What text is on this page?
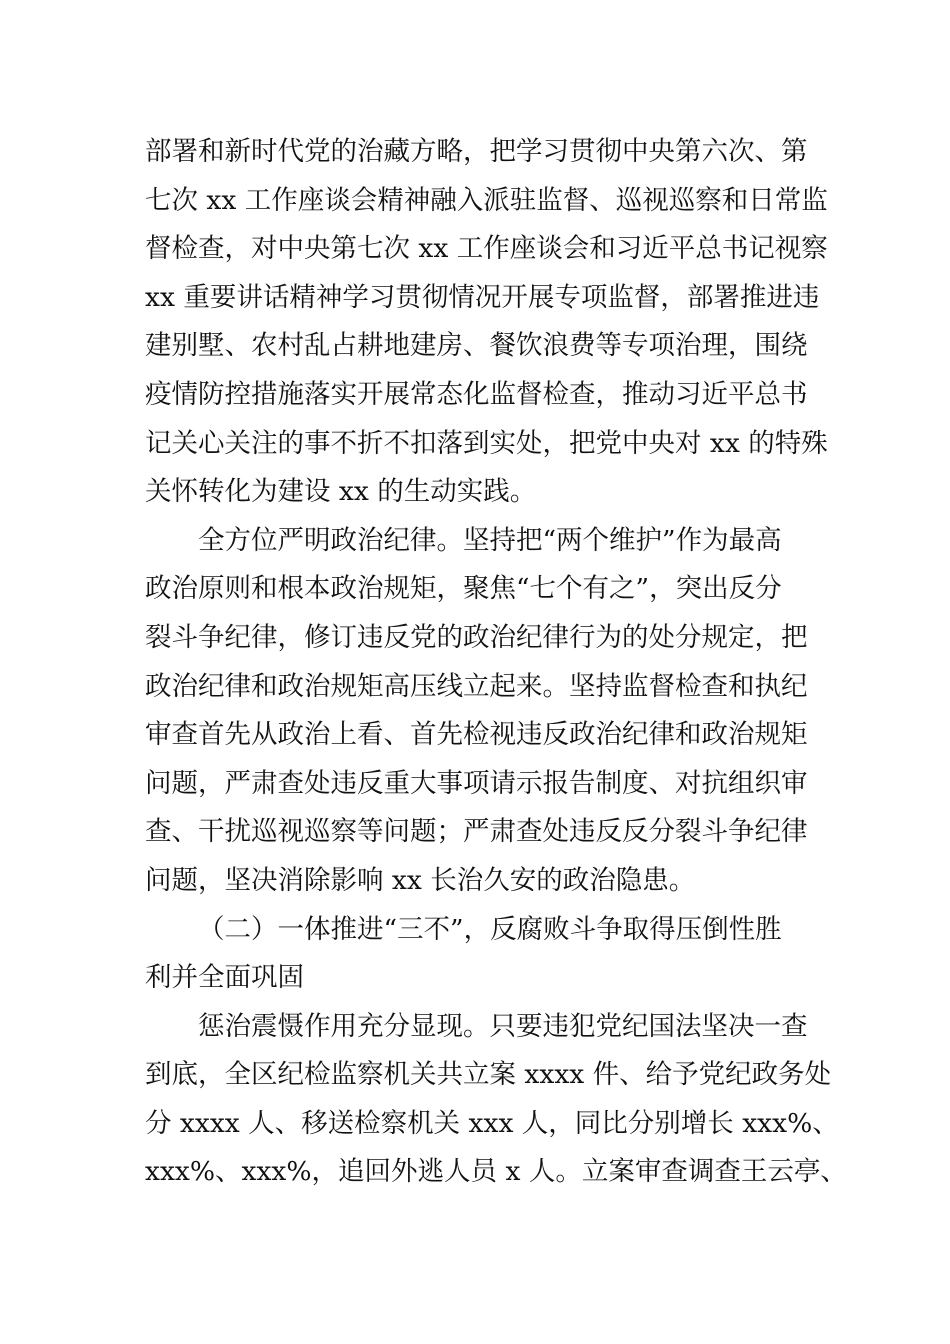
部署和新时代党的治藏方略，把学习贯彻中央第六次、第
七次 xx 工作座谈会精神融入派驻监督、巡视巡察和日常监
督检查，对中央第七次 xx 工作座谈会和习近平总书记视察
xx 重要讲话精神学习贯彻情况开展专项监督，部署推进违
建别墅、农村乱占耕地建房、餐饮浪费等专项治理，围绕
疫情防控措施落实开展常态化监督检查，推动习近平总书
记关心关注的事不折不扣落到实处，把党中央对 xx 的特殊
关怀转化为建设 xx 的生动实践。
全方位严明政治纪律。坚持把“两个维护”作为最高
政治原则和根本政治规矩，聚焦“七个有之”，突出反分
裂斗争纪律，修订违反党的政治纪律行为的处分规定，把
政治纪律和政治规矩高压线立起来。坚持监督检查和执纪
审查首先从政治上看、首先检视违反政治纪律和政治规矩
问题，严肃查处违反重大事项请示报告制度、对抗组织审
查、干扰巡视巡察等问题；严肃查处违反反分裂斗争纪律
问题，坚决消除影响 xx 长治久安的政治隐患。
（二）一体推进“三不”，反腐败斗争取得压倒性胜
利并全面巩固
惩治震慑作用充分显现。只要违犯党纪国法坚决一查
到底，全区纪检监察机关共立案 xxxx 件、给予党纪政务处
分 xxxx 人、移送检察机关 xxx 人，同比分别增长 xxx%、
xxx%、xxx%，追回外逃人员 x 人。立案审查调查王云亭、
